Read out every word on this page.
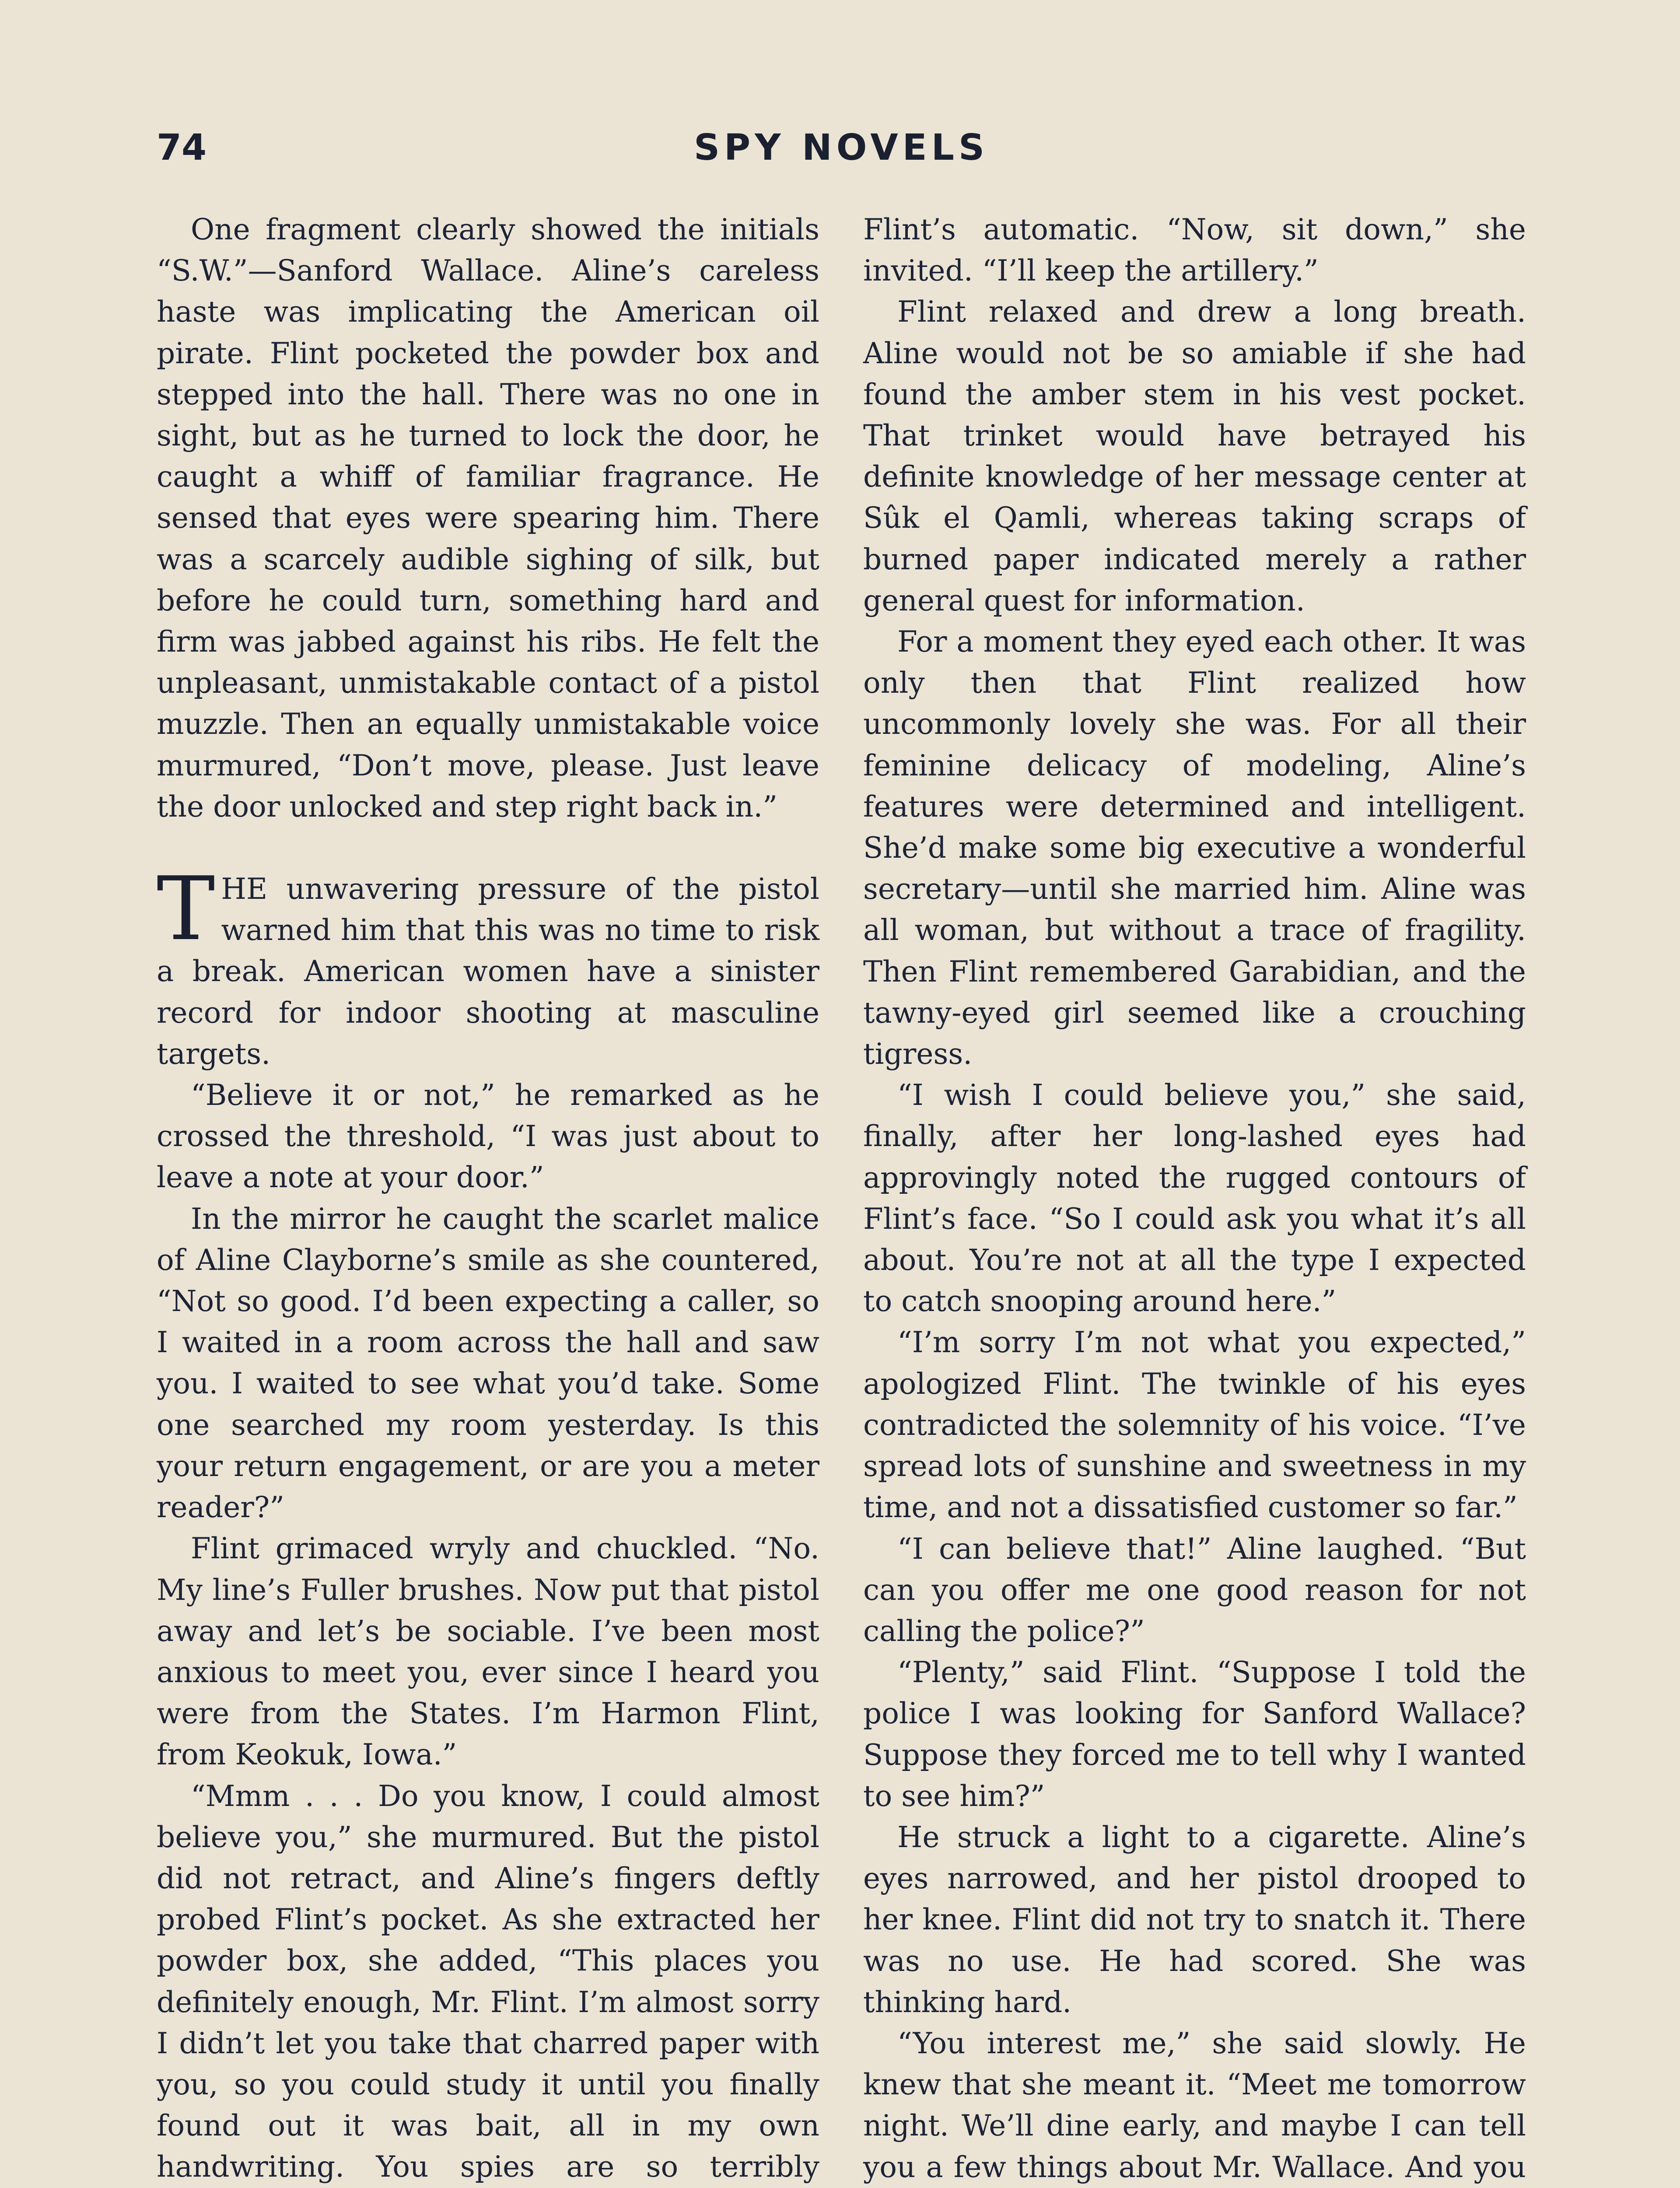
74	SPY NOVELS

One fragment clearly showed the initials “S.W.”—Sanford Wallace. Aline’s careless haste was implicating the American oil pirate. Flint pocketed the powder box and stepped into the hall. There was no one in sight, but as he turned to lock the door, he caught a whiff of familiar fragrance. He sensed that eyes were spearing him. There was a scarcely audible sighing of silk, but before he could turn, something hard and firm was jabbed against his ribs. He felt the unpleasant, unmistakable contact of a pistol muzzle. Then an equally unmistakable voice murmured, “Don’t move, please. Just leave the door unlocked and step right back in.”

THE unwavering pressure of the pistol warned him that this was no time to risk a break. American women have a sinister record for indoor shooting at masculine targets.

“Believe it or not,” he remarked as he crossed the threshold, “I was just about to leave a note at your door.”

In the mirror he caught the scarlet malice of Aline Clayborne’s smile as she countered, “Not so good. I’d been expecting a caller, so I waited in a room across the hall and saw you. I waited to see what you’d take. Some one searched my room yesterday. Is this your return engagement, or are you a meter reader?”

Flint grimaced wryly and chuckled. “No. My line’s Fuller brushes. Now put that pistol away and let’s be sociable. I’ve been most anxious to meet you, ever since I heard you were from the States. I’m Harmon Flint, from Keokuk, Iowa.”

“Mmm . . . Do you know, I could almost believe you,” she murmured. But the pistol did not retract, and Aline’s fingers deftly probed Flint’s pocket. As she extracted her powder box, she added, “This places you definitely enough, Mr. Flint. I’m almost sorry I didn’t let you take that charred paper with you, so you could study it until you finally found out it was bait, all in my own handwriting. You spies are so terribly

Flint’s automatic. “Now, sit down,” she invited. “I’ll keep the artillery.”

Flint relaxed and drew a long breath. Aline would not be so amiable if she had found the amber stem in his vest pocket. That trinket would have betrayed his definite knowledge of her message center at Sûk el Qamli, whereas taking scraps of burned paper indicated merely a rather general quest for information.

For a moment they eyed each other. It was only then that Flint realized how uncommonly lovely she was. For all their feminine delicacy of modeling, Aline’s features were determined and intelligent. She’d make some big executive a wonderful secretary—until she married him. Aline was all woman, but without a trace of fragility. Then Flint remembered Garabidian, and the tawny-eyed girl seemed like a crouching tigress.

“I wish I could believe you,” she said, finally, after her long-lashed eyes had approvingly noted the rugged contours of Flint’s face. “So I could ask you what it’s all about. You’re not at all the type I expected to catch snooping around here.”

“I’m sorry I’m not what you expected,” apologized Flint. The twinkle of his eyes contradicted the solemnity of his voice. “I’ve spread lots of sunshine and sweetness in my time, and not a dissatisfied customer so far.”

“I can believe that!” Aline laughed. “But can you offer me one good reason for not calling the police?”

“Plenty,” said Flint. “Suppose I told the police I was looking for Sanford Wallace? Suppose they forced me to tell why I wanted to see him?”

He struck a light to a cigarette. Aline’s eyes narrowed, and her pistol drooped to her knee. Flint did not try to snatch it. There was no use. He had scored. She was thinking hard.

“You interest me,” she said slowly. He knew that she meant it. “Meet me tomorrow night. We’ll dine early, and maybe I can tell you a few things about Mr. Wallace. And you
